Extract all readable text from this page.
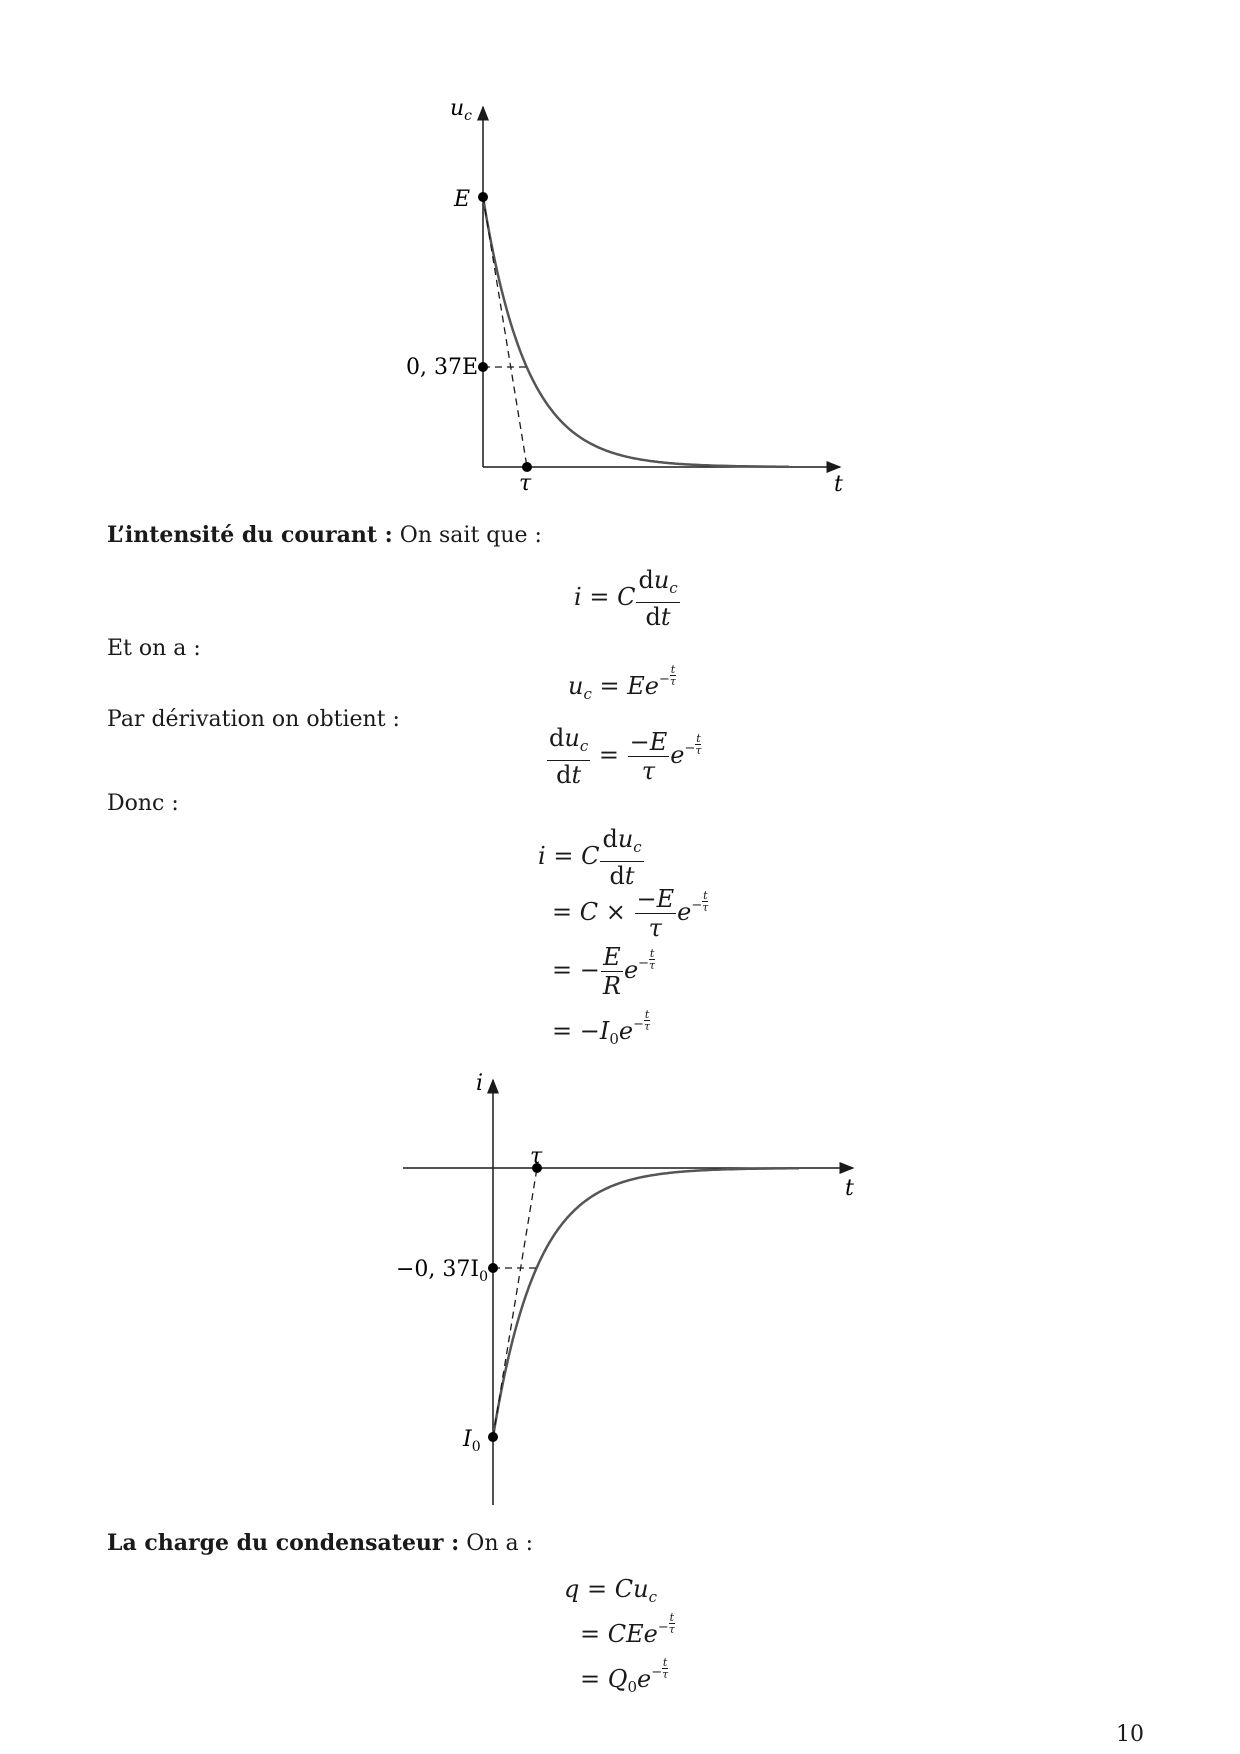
$u_c$
E
0, 37E
τ	t
L’intensité du courant : On sait que :
i = C $\frac{du_c}{dt}$
Et on a :
$u_c = Ee^- \frac{t}{\tau}$
Par dérivation on obtient :
$\frac{du_c}{dt} = \frac{-E}{\tau} e^- \frac{t}{\tau}$
Donc :
i = C $\frac{du_c}{dt}$
= $C \times \frac{-E}{\tau} e^- \frac{t}{\tau}$
= − $\frac{E}{R} e^- \frac{t}{\tau}$
= $-I_0e^- \frac{t}{\tau}$
i
τ
t
−0, $37I_0$
$I_0$
La charge du condensateur : On a :
$q = Cu_c$
= $CEe^- \frac{t}{\tau}$
= $Q_0e^- \frac{t}{\tau}$
10
